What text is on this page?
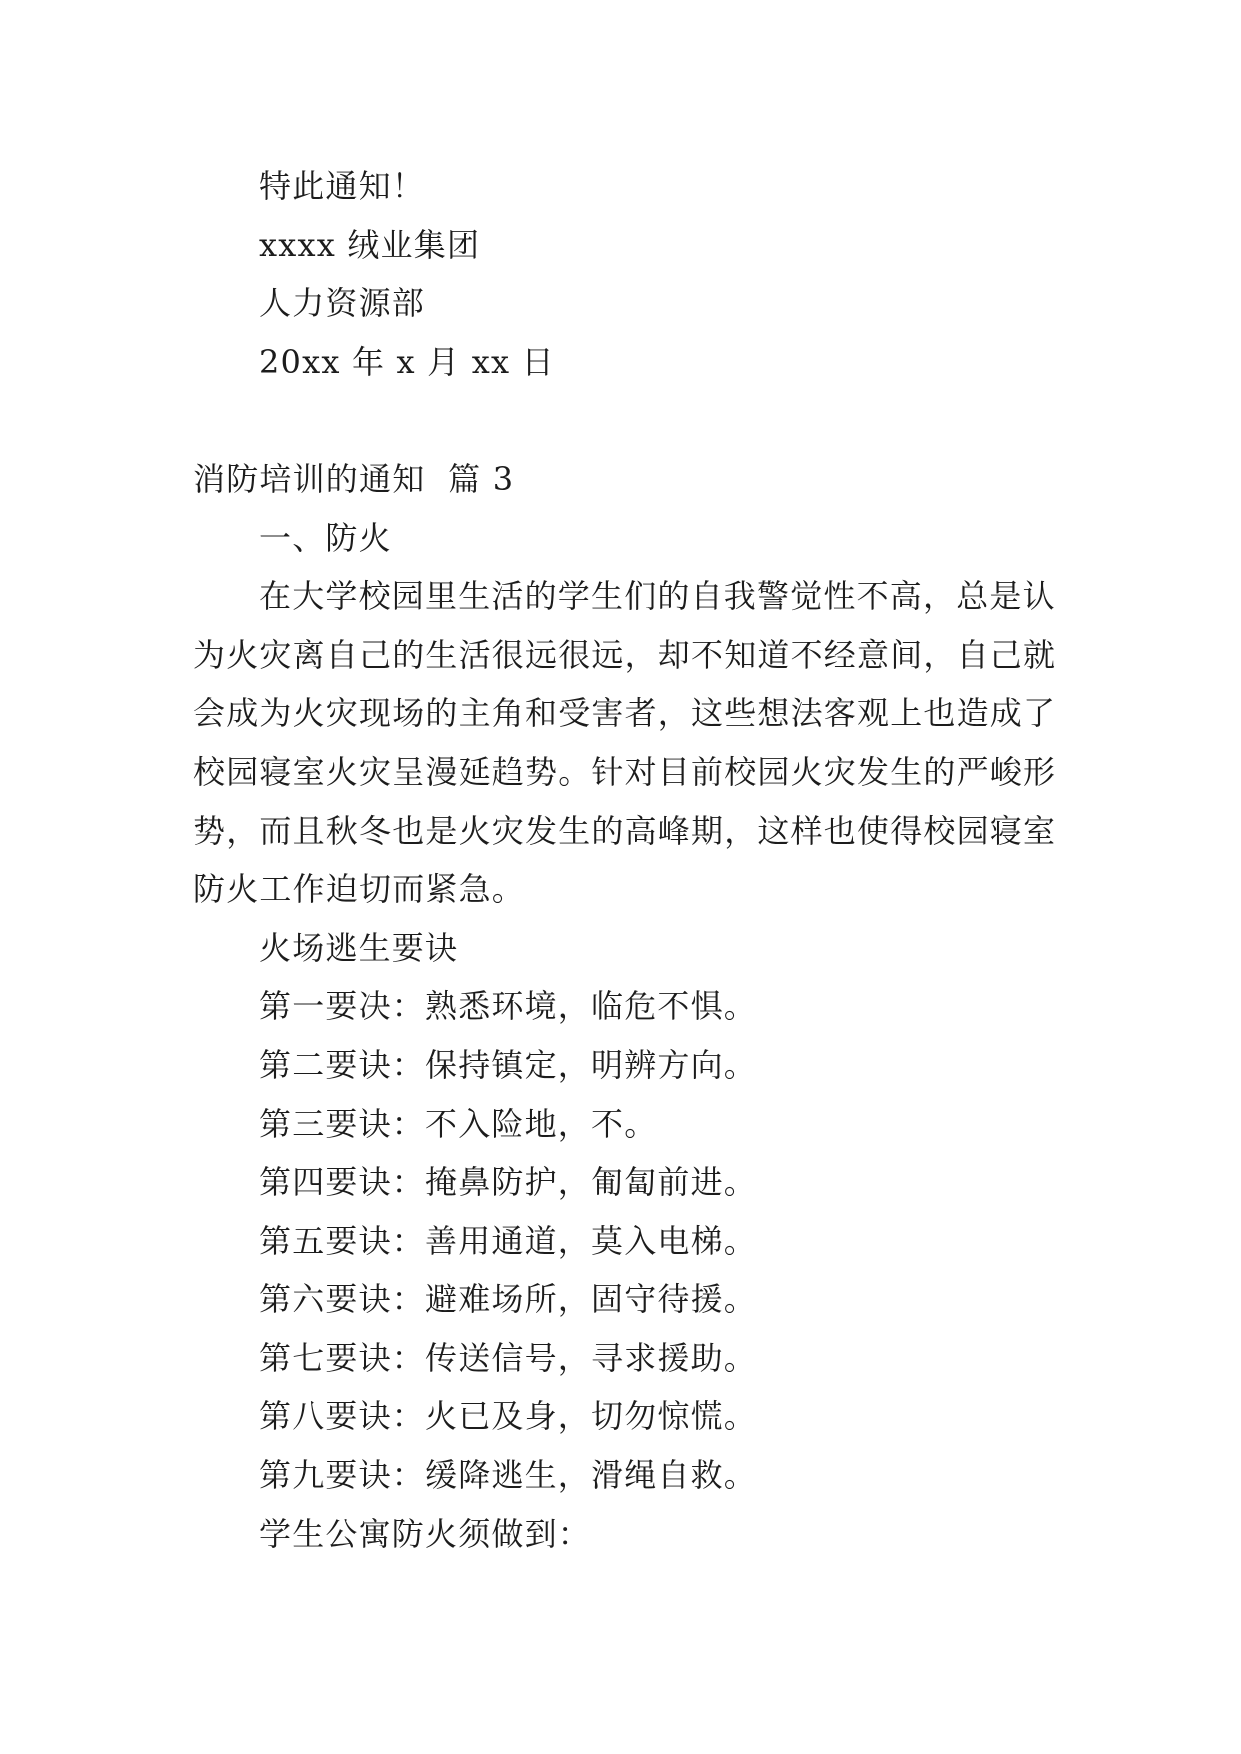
特此通知！
xxxx 绒业集团
人力资源部
20xx 年 x 月 xx 日
消防培训的通知  篇 3
一、防火
在大学校园里生活的学生们的自我警觉性不高，总是认
为火灾离自己的生活很远很远，却不知道不经意间，自己就
会成为火灾现场的主角和受害者，这些想法客观上也造成了
校园寝室火灾呈漫延趋势。针对目前校园火灾发生的严峻形
势，而且秋冬也是火灾发生的高峰期，这样也使得校园寝室
防火工作迫切而紧急。
火场逃生要诀
第一要决：熟悉环境，临危不惧。
第二要诀：保持镇定，明辨方向。
第三要诀：不入险地，不。
第四要诀：掩鼻防护，匍匐前进。
第五要诀：善用通道，莫入电梯。
第六要诀：避难场所，固守待援。
第七要诀：传送信号，寻求援助。
第八要诀：火已及身，切勿惊慌。
第九要诀：缓降逃生，滑绳自救。
学生公寓防火须做到：
